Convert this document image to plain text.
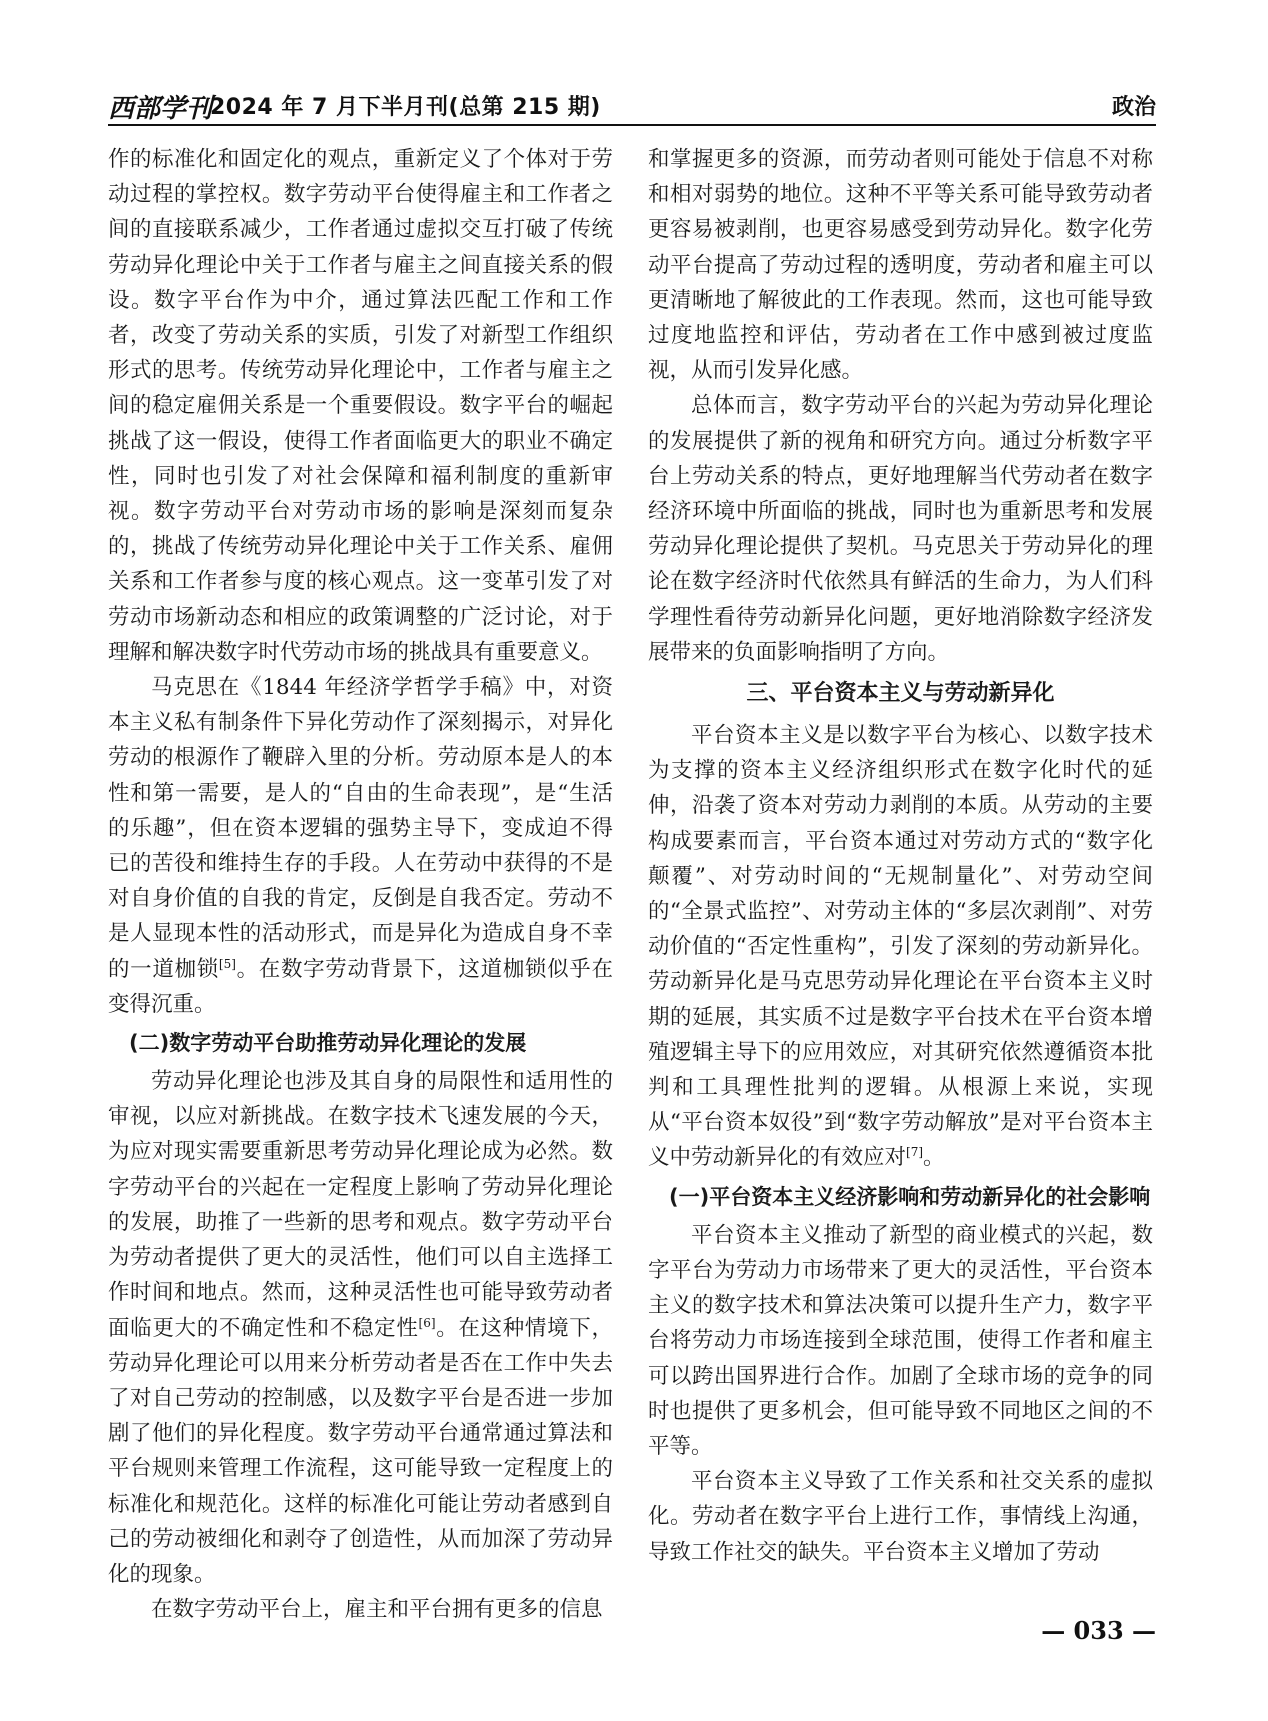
西部学刊
2024 年 7 月下半月刊(总第 215 期)	政治

作的标准化和固定化的观点，重新定义了个体对于劳动过程的掌控权。数字劳动平台使得雇主和工作者之间的直接联系减少，工作者通过虚拟交互打破了传统劳动异化理论中关于工作者与雇主之间直接关系的假设。数字平台作为中介，通过算法匹配工作和工作者，改变了劳动关系的实质，引发了对新型工作组织形式的思考。传统劳动异化理论中，工作者与雇主之间的稳定雇佣关系是一个重要假设。数字平台的崛起挑战了这一假设，使得工作者面临更大的职业不确定性，同时也引发了对社会保障和福利制度的重新审视。数字劳动平台对劳动市场的影响是深刻而复杂的，挑战了传统劳动异化理论中关于工作关系、雇佣关系和工作者参与度的核心观点。这一变革引发了对劳动市场新动态和相应的政策调整的广泛讨论，对于理解和解决数字时代劳动市场的挑战具有重要意义。

马克思在《1844 年经济学哲学手稿》中，对资本主义私有制条件下异化劳动作了深刻揭示，对异化劳动的根源作了鞭辟入里的分析。劳动原本是人的本性和第一需要，是人的“自由的生命表现”，是“生活的乐趣”，但在资本逻辑的强势主导下，变成迫不得已的苦役和维持生存的手段。人在劳动中获得的不是对自身价值的自我的肯定，反倒是自我否定。劳动不是人显现本性的活动形式，而是异化为造成自身不幸的一道枷锁[5]。在数字劳动背景下，这道枷锁似乎在变得沉重。

(二)数字劳动平台助推劳动异化理论的发展

劳动异化理论也涉及其自身的局限性和适用性的审视，以应对新挑战。在数字技术飞速发展的今天，为应对现实需要重新思考劳动异化理论成为必然。数字劳动平台的兴起在一定程度上影响了劳动异化理论的发展，助推了一些新的思考和观点。数字劳动平台为劳动者提供了更大的灵活性，他们可以自主选择工作时间和地点。然而，这种灵活性也可能导致劳动者面临更大的不确定性和不稳定性[6]。在这种情境下，劳动异化理论可以用来分析劳动者是否在工作中失去了对自己劳动的控制感，以及数字平台是否进一步加剧了他们的异化程度。数字劳动平台通常通过算法和平台规则来管理工作流程，这可能导致一定程度上的标准化和规范化。这样的标准化可能让劳动者感到自己的劳动被细化和剥夺了创造性，从而加深了劳动异化的现象。

在数字劳动平台上，雇主和平台拥有更多的信息

和掌握更多的资源，而劳动者则可能处于信息不对称和相对弱势的地位。这种不平等关系可能导致劳动者更容易被剥削，也更容易感受到劳动异化。数字化劳动平台提高了劳动过程的透明度，劳动者和雇主可以更清晰地了解彼此的工作表现。然而，这也可能导致过度地监控和评估，劳动者在工作中感到被过度监视，从而引发异化感。

总体而言，数字劳动平台的兴起为劳动异化理论的发展提供了新的视角和研究方向。通过分析数字平台上劳动关系的特点，更好地理解当代劳动者在数字经济环境中所面临的挑战，同时也为重新思考和发展劳动异化理论提供了契机。马克思关于劳动异化的理论在数字经济时代依然具有鲜活的生命力，为人们科学理性看待劳动新异化问题，更好地消除数字经济发展带来的负面影响指明了方向。

三、平台资本主义与劳动新异化

平台资本主义是以数字平台为核心、以数字技术为支撑的资本主义经济组织形式在数字化时代的延伸，沿袭了资本对劳动力剥削的本质。从劳动的主要构成要素而言，平台资本通过对劳动方式的“数字化颠覆”、对劳动时间的“无规制量化”、对劳动空间的“全景式监控”、对劳动主体的“多层次剥削”、对劳动价值的“否定性重构”，引发了深刻的劳动新异化。劳动新异化是马克思劳动异化理论在平台资本主义时期的延展，其实质不过是数字平台技术在平台资本增殖逻辑主导下的应用效应，对其研究依然遵循资本批判和工具理性批判的逻辑。从根源上来说，实现从“平台资本奴役”到“数字劳动解放”是对平台资本主义中劳动新异化的有效应对[7]。

(一)平台资本主义经济影响和劳动新异化的社会影响

平台资本主义推动了新型的商业模式的兴起，数字平台为劳动力市场带来了更大的灵活性，平台资本主义的数字技术和算法决策可以提升生产力，数字平台将劳动力市场连接到全球范围，使得工作者和雇主可以跨出国界进行合作。加剧了全球市场的竞争的同时也提供了更多机会，但可能导致不同地区之间的不平等。

平台资本主义导致了工作关系和社交关系的虚拟化。劳动者在数字平台上进行工作，事情线上沟通，导致工作社交的缺失。平台资本主义增加了劳动

— 033 —
